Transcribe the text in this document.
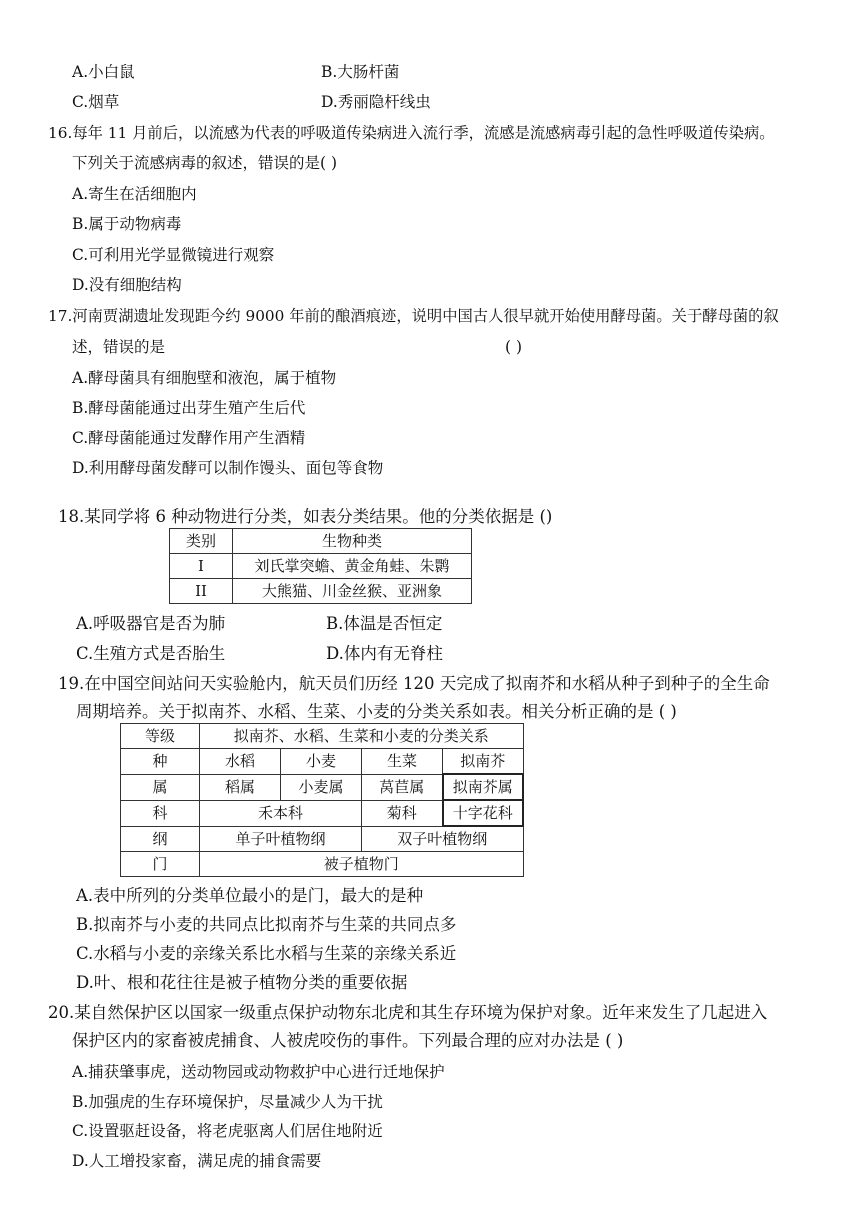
A.小白鼠	B.大肠杆菌
C.烟草	D.秀丽隐杆线虫
16.每年 11 月前后，以流感为代表的呼吸道传染病进入流行季，流感是流感病毒引起的急性呼吸道传染病。
下列关于流感病毒的叙述，错误的是( )
A.寄生在活细胞内
B.属于动物病毒
C.可利用光学显微镜进行观察
D.没有细胞结构
17.河南贾湖遗址发现距今约 9000 年前的酿酒痕迹，说明中国古人很早就开始使用酵母菌。关于酵母菌的叙
述，错误的是	( )
A.酵母菌具有细胞壁和液泡，属于植物
B.酵母菌能通过出芽生殖产生后代
C.酵母菌能通过发酵作用产生酒精
D.利用酵母菌发酵可以制作馒头、面包等食物
18.某同学将 6 种动物进行分类，如表分类结果。他的分类依据是 ()
类别	生物种类
I	刘氏掌突蟾、黄金角蛙、朱鹮
II	大熊猫、川金丝猴、亚洲象
A.呼吸器官是否为肺	B.体温是否恒定
C.生殖方式是否胎生	D.体内有无脊柱
19.在中国空间站问天实验舱内，航天员们历经 120 天完成了拟南芥和水稻从种子到种子的全生命
周期培养。关于拟南芥、水稻、生菜、小麦的分类关系如表。相关分析正确的是 ( )
等级	拟南芥、水稻、生菜和小麦的分类关系			
种	水稻	小麦	生菜	拟南芥
属	稻属	小麦属	莴苣属	拟南芥属
科	禾本科		菊科	十字花科
纲	单子叶植物纲		双子叶植物纲	
门	被子植物门			
A.表中所列的分类单位最小的是门，最大的是种
B.拟南芥与小麦的共同点比拟南芥与生菜的共同点多
C.水稻与小麦的亲缘关系比水稻与生菜的亲缘关系近
D.叶、根和花往往是被子植物分类的重要依据
20.某自然保护区以国家一级重点保护动物东北虎和其生存环境为保护对象。近年来发生了几起进入
保护区内的家畜被虎捕食、人被虎咬伤的事件。下列最合理的应对办法是 ( )
A.捕获肇事虎，送动物园或动物救护中心进行迁地保护
B.加强虎的生存环境保护，尽量减少人为干扰
C.设置驱赶设备，将老虎驱离人们居住地附近
D.人工增投家畜，满足虎的捕食需要
